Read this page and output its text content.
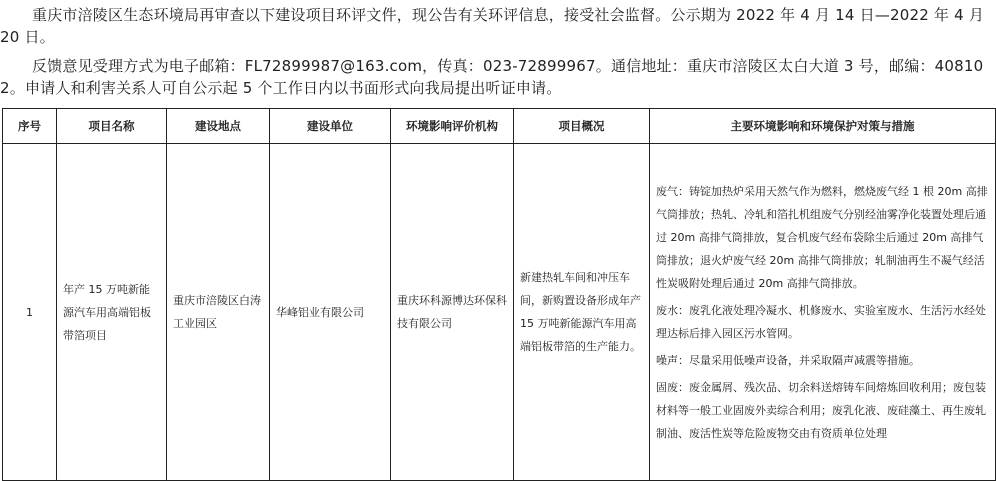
重庆市涪陵区生态环境局再审查以下建设项目环评文件，现公告有关环评信息，接受社会监督。公示期为 2022 年 4 月 14 日—2022 年 4 月 20 日。

反馈意见受理方式为电子邮箱：FL72899987@163.com，传真：023-72899967。通信地址：重庆市涪陵区太白大道 3 号，邮编：408102。申请人和利害关系人可自公示起 5 个工作日内以书面形式向我局提出听证申请。

序号	项目名称	建设地点	建设单位	环境影响评价机构	项目概况	主要环境影响和环境保护对策与措施
1	年产 15 万吨新能源汽车用高端铝板带箔项目	重庆市涪陵区白涛工业园区	华峰铝业有限公司	重庆环科源博达环保科技有限公司	新建热轧车间和冲压车间，新购置设备形成年产 15 万吨新能源汽车用高端铝板带箔的生产能力。	废气：铸锭加热炉采用天然气作为燃料，燃烧废气经 1 根 20m 高排气筒排放；热轧、冷轧和箔扎机组废气分别经油雾净化装置处理后通过 20m 高排气筒排放，复合机废气经布袋除尘后通过 20m 高排气筒排放；退火炉废气经 20m 高排气筒排放；轧制油再生不凝气经活性炭吸附处理后通过 20m 高排气筒排放。
废水：废乳化液处理冷凝水、机修废水、实验室废水、生活污水经处理达标后排入园区污水管网。
噪声：尽量采用低噪声设备，并采取隔声减震等措施。
固废：废金属屑、残次品、切余料送熔铸车间熔炼回收利用；废包装材料等一般工业固废外卖综合利用；废乳化液、废硅藻土、再生废轧制油、废活性炭等危险废物交由有资质单位处理
